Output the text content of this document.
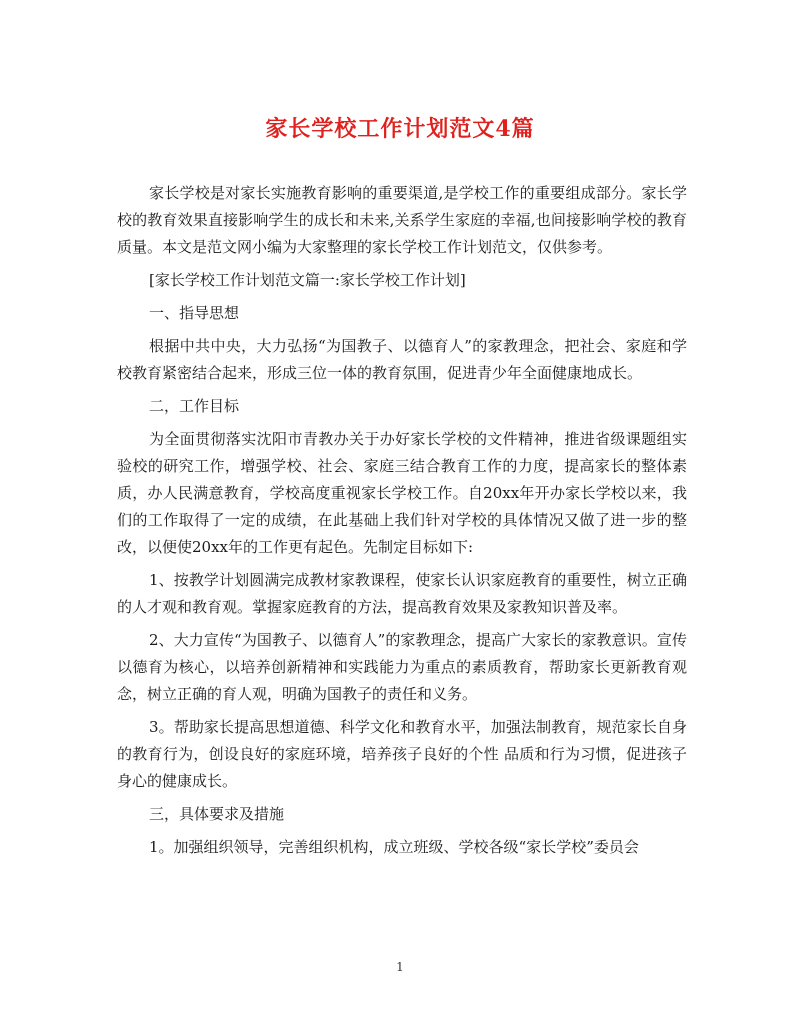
家长学校工作计划范文4篇

家长学校是对家长实施教育影响的重要渠道,是学校工作的重要组成部分。家长学校的教育效果直接影响学生的成长和未来,关系学生家庭的幸福,也间接影响学校的教育质量。本文是范文网小编为大家整理的家长学校工作计划范文，仅供参考。

[家长学校工作计划范文篇一:家长学校工作计划]

一、指导思想

根据中共中央，大力弘扬“为国教子、以德育人”的家教理念，把社会、家庭和学校教育紧密结合起来，形成三位一体的教育氛围，促进青少年全面健康地成长。

二，工作目标

为全面贯彻落实沈阳市青教办关于办好家长学校的文件精神，推进省级课题组实验校的研究工作，增强学校、社会、家庭三结合教育工作的力度，提高家长的整体素质，办人民满意教育，学校高度重视家长学校工作。自20xx年开办家长学校以来，我们的工作取得了一定的成绩，在此基础上我们针对学校的具体情况又做了进一步的整改，以便使20xx年的工作更有起色。先制定目标如下:

1、按教学计划圆满完成教材家教课程，使家长认识家庭教育的重要性，树立正确的人才观和教育观。掌握家庭教育的方法，提高教育效果及家教知识普及率。

2、大力宣传“为国教子、以德育人”的家教理念，提高广大家长的家教意识。宣传以德育为核心，以培养创新精神和实践能力为重点的素质教育，帮助家长更新教育观念，树立正确的育人观，明确为国教子的责任和义务。

3。帮助家长提高思想道德、科学文化和教育水平，加强法制教育，规范家长自身的教育行为，创设良好的家庭环境，培养孩子良好的个性 品质和行为习惯，促进孩子身心的健康成长。

三，具体要求及措施

1。加强组织领导，完善组织机构，成立班级、学校各级“家长学校”委员会

1
